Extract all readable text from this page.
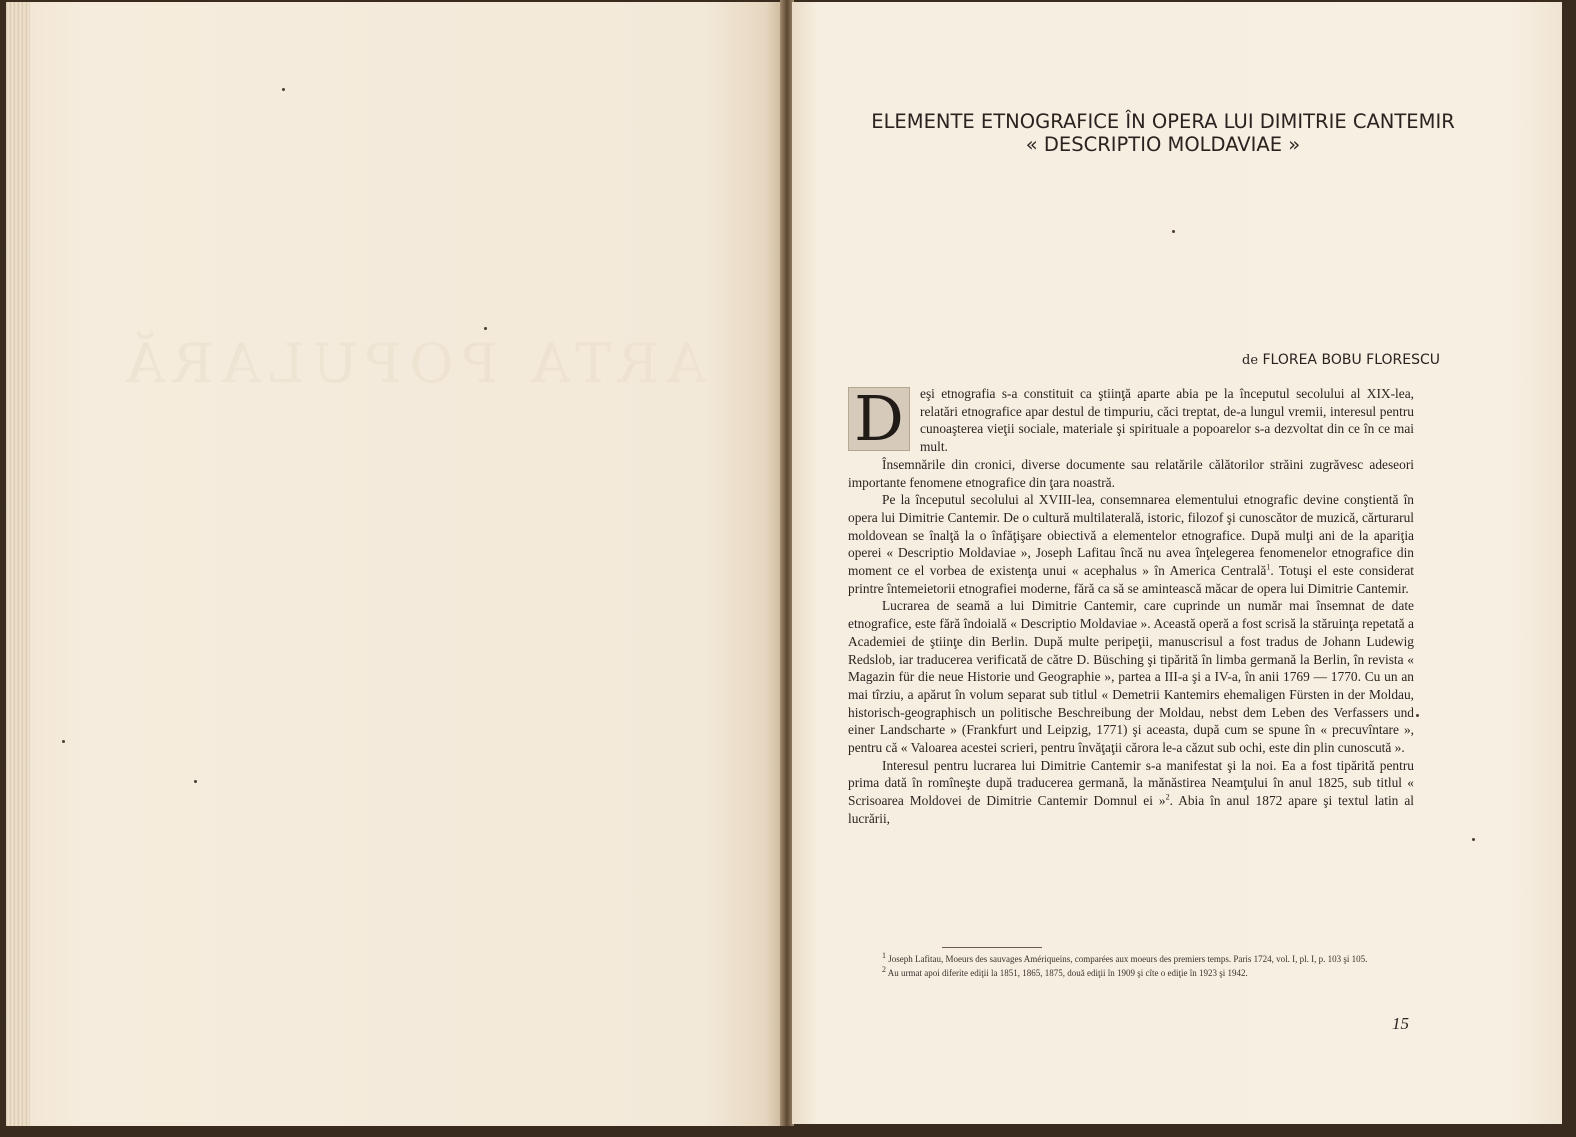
ARTA POPULARĂ
ELEMENTE ETNOGRAFICE ÎN OPERA LUI DIMITRIE CANTEMIR
« DESCRIPTIO MOLDAVIAE »
de FLOREA BOBU FLORESCU

D	eşi etnografia s-a constituit ca ştiinţă aparte abia pe la începutul secolului al XIX-lea, relatări etnografice apar destul de timpuriu, căci treptat, de-a lungul vremii, interesul pentru cunoaşterea vieţii sociale, materiale şi spirituale a popoarelor s-a dezvoltat din ce în ce mai mult.

Însemnările din cronici, diverse documente sau relatările călătorilor străini zugrăvesc adeseori importante fenomene etnografice din ţara noastră.

Pe la începutul secolului al XVIII-lea, consemnarea elementului etnografic devine conştientă în opera lui Dimitrie Cantemir. De o cultură multilaterală, istoric, filozof şi cunoscător de muzică, cărturarul moldovean se înalţă la o înfăţişare obiectivă a elementelor etnografice. După mulţi ani de la apariţia operei « Descriptio Moldaviae », Joseph Lafitau încă nu avea înţelegerea fenomenelor etnografice din moment ce el vorbea de existenţa unui « acephalus » în America Centrală$^1$. Totuşi el este considerat printre întemeietorii etnografiei moderne, fără ca să se amintească măcar de opera lui Dimitrie Cantemir.

Lucrarea de seamă a lui Dimitrie Cantemir, care cuprinde un număr mai însemnat de date etnografice, este fără îndoială « Descriptio Moldaviae ». Această operă a fost scrisă la stăruinţa repetată a Academiei de ştiinţe din Berlin. După multe peripeţii, manuscrisul a fost tradus de Johann Ludewig Redslob, iar traducerea verificată de către D. Büsching şi tipărită în limba germană la Berlin, în revista « Magazin für die neue Historie und Geographie », partea a III-a şi a IV-a, în anii 1769 — 1770. Cu un an mai tîrziu, a apărut în volum separat sub titlul « Demetrii Kantemirs ehemaligen Fürsten in der Moldau, historisch-geographisch un politische Beschreibung der Moldau, nebst dem Leben des Verfassers und einer Landscharte » (Frankfurt und Leipzig, 1771) şi aceasta, după cum se spune în « precuvîntare », pentru că « Valoarea acestei scrieri, pentru învăţaţii cărora le-a căzut sub ochi, este din plin cunoscută ».

Interesul pentru lucrarea lui Dimitrie Cantemir s-a manifestat şi la noi. Ea a fost tipărită pentru prima dată în romîneşte după traducerea germană, la mănăstirea Neamţului în anul 1825, sub titlul « Scrisoarea Moldovei de Dimitrie Cantemir Domnul ei »$^2$. Abia în anul 1872 apare şi textul latin al lucrării,

1 Joseph Lafitau, Moeurs des sauvages Amériqueins, comparées aux moeurs des premiers temps. Paris 1724, vol. I, pl. I, p. 103 şi 105.

2 Au urmat apoi diferite ediţii la 1851, 1865, 1875, două ediţii în 1909 şi cîte o ediţie în 1923 şi 1942.

15
